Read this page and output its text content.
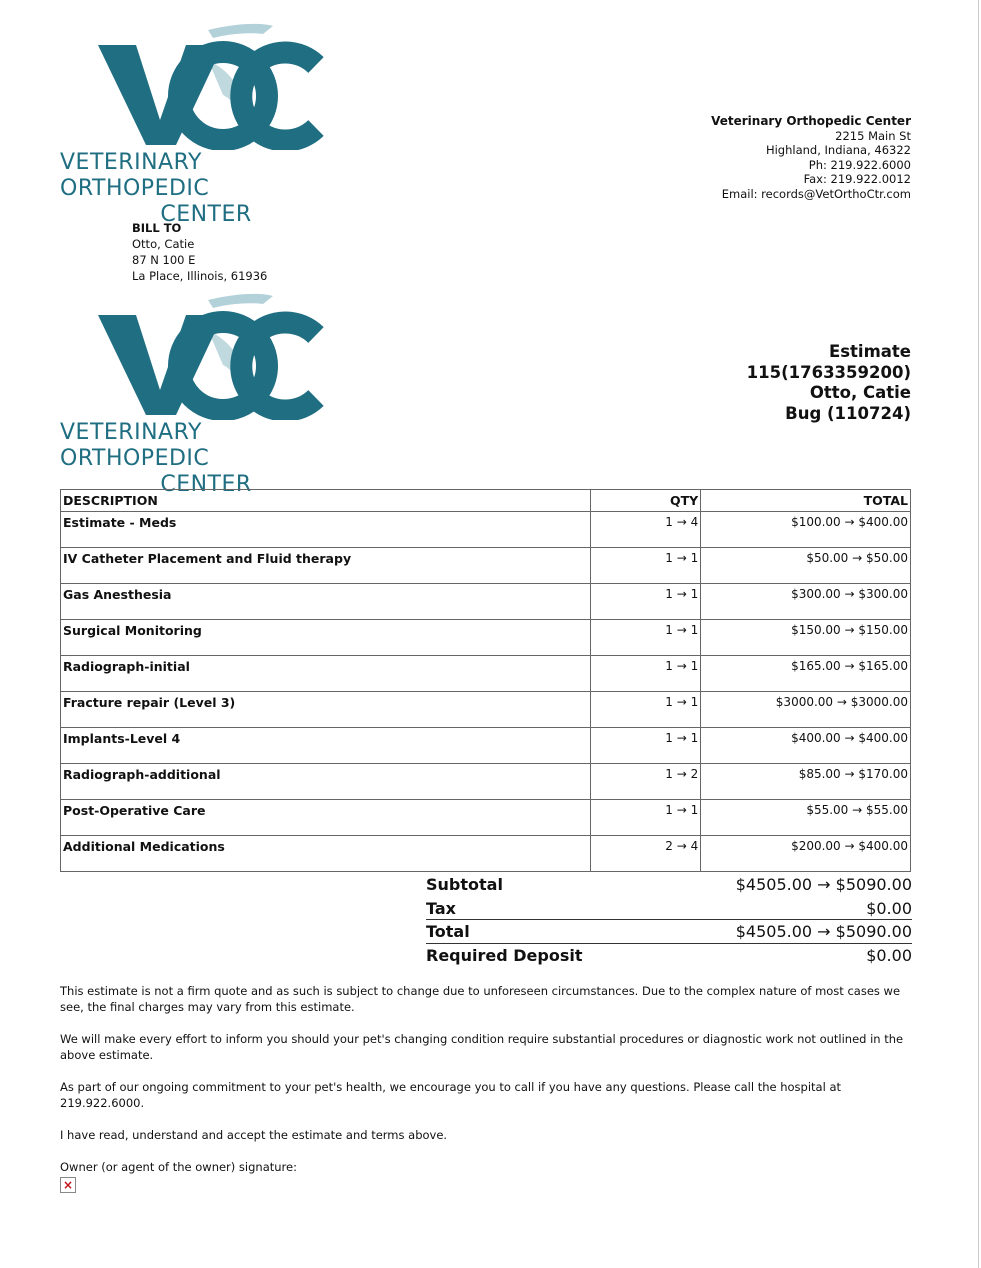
VETERINARY ORTHOPEDIC
CENTER
Veterinary Orthopedic Center
2215 Main St
Highland, Indiana, 46322
Ph: 219.922.6000
Fax: 219.922.0012
Email: records@VetOrthoCtr.com
BILL TO
Otto, Catie
87 N 100 E
La Place, Illinois, 61936
VETERINARY ORTHOPEDIC
CENTER
Estimate
115(1763359200)
Otto, Catie
Bug (110724)
DESCRIPTION	QTY	TOTAL
Estimate - Meds	1 → 4	$100.00 → $400.00
IV Catheter Placement and Fluid therapy	1 → 1	$50.00 → $50.00
Gas Anesthesia	1 → 1	$300.00 → $300.00
Surgical Monitoring	1 → 1	$150.00 → $150.00
Radiograph-initial	1 → 1	$165.00 → $165.00
Fracture repair (Level 3)	1 → 1	$3000.00 → $3000.00
Implants-Level 4	1 → 1	$400.00 → $400.00
Radiograph-additional	1 → 2	$85.00 → $170.00
Post-Operative Care	1 → 1	$55.00 → $55.00
Additional Medications	2 → 4	$200.00 → $400.00
Subtotal	$4505.00 → $5090.00
Tax	$0.00
Total	$4505.00 → $5090.00
Required Deposit	$0.00

This estimate is not a firm quote and as such is subject to change due to unforeseen circumstances. Due to the complex nature of most cases we see, the final charges may vary from this estimate.

We will make every effort to inform you should your pet's changing condition require substantial procedures or diagnostic work not outlined in the above estimate.

As part of our ongoing commitment to your pet's health, we encourage you to call if you have any questions. Please call the hospital at 219.922.6000.

I have read, understand and accept the estimate and terms above.

Owner (or agent of the owner) signature:

×
